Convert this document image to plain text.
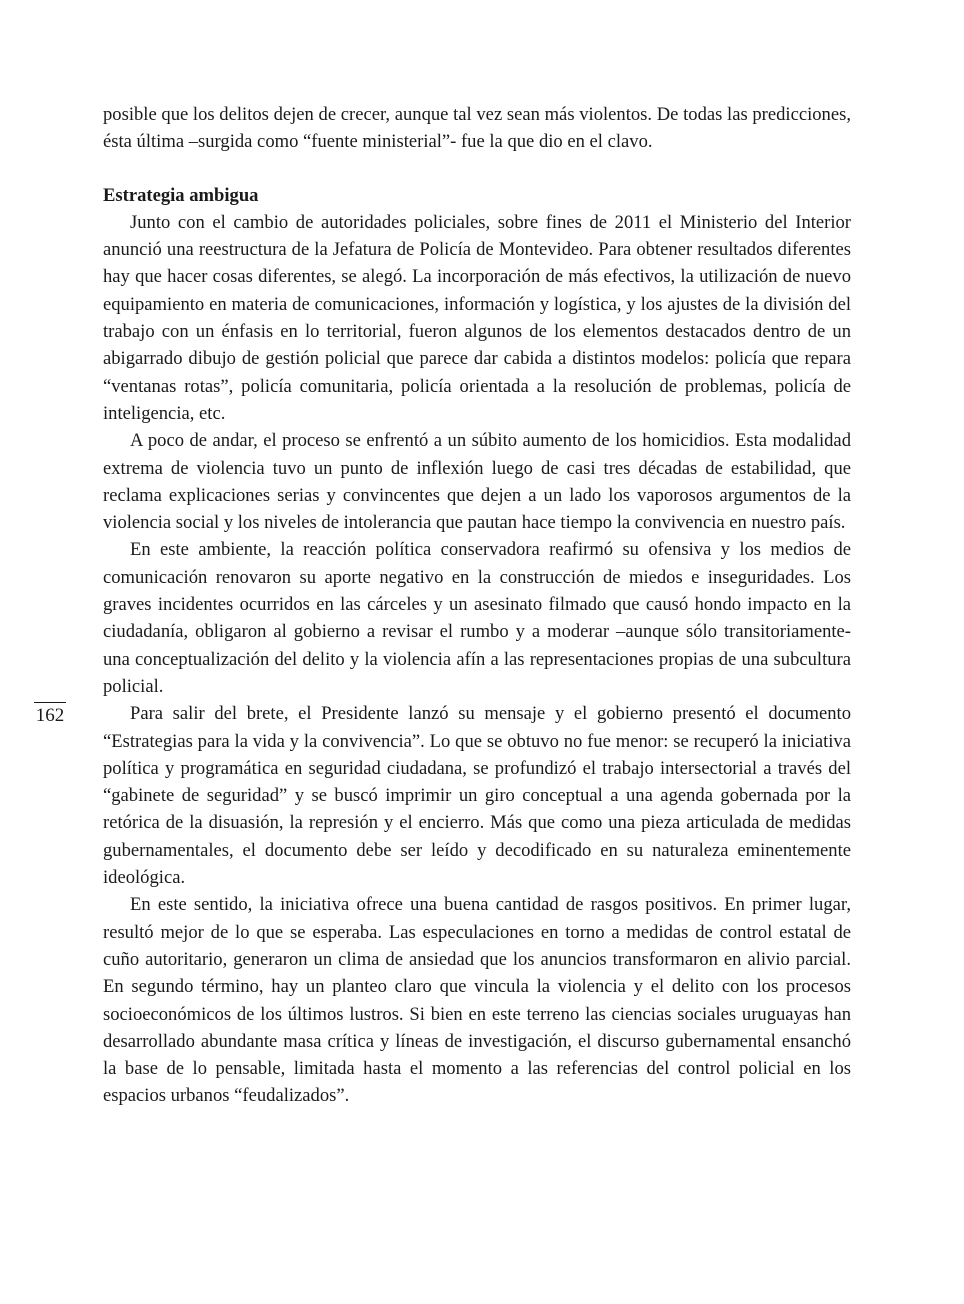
posible que los delitos dejen de crecer, aunque tal vez sean más violentos. De todas las predicciones, ésta última –surgida como “fuente ministerial”- fue la que dio en el clavo.

Estrategia ambigua

Junto con el cambio de autoridades policiales, sobre fines de 2011 el Ministerio del Interior anunció una reestructura de la Jefatura de Policía de Montevideo. Para obtener resultados diferentes hay que hacer cosas diferentes, se alegó. La incorporación de más efectivos, la utilización de nuevo equipamiento en materia de comunicaciones, información y logística, y los ajustes de la división del trabajo con un énfasis en lo territorial, fueron algunos de los elementos destacados dentro de un abigarrado dibujo de gestión policial que parece dar cabida a distintos modelos: policía que repara “ventanas rotas”, policía comunitaria, policía orientada a la resolución de problemas, policía de inteligencia, etc.

A poco de andar, el proceso se enfrentó a un súbito aumento de los homicidios. Esta modalidad extrema de violencia tuvo un punto de inflexión luego de casi tres décadas de estabilidad, que reclama explicaciones serias y convincentes que dejen a un lado los vaporosos argumentos de la violencia social y los niveles de intolerancia que pautan hace tiempo la convivencia en nuestro país.

En este ambiente, la reacción política conservadora reafirmó su ofensiva y los medios de comunicación renovaron su aporte negativo en la construcción de miedos e inseguridades. Los graves incidentes ocurridos en las cárceles y un asesinato filmado que causó hondo impacto en la ciudadanía, obligaron al gobierno a revisar el rumbo y a moderar –aunque sólo transitoriamente- una conceptualización del delito y la violencia afín a las representaciones propias de una subcultura policial.

Para salir del brete, el Presidente lanzó su mensaje y el gobierno presentó el documento “Estrategias para la vida y la convivencia”. Lo que se obtuvo no fue menor: se recuperó la iniciativa política y programática en seguridad ciudadana, se profundizó el trabajo intersectorial a través del “gabinete de seguridad” y se buscó imprimir un giro conceptual a una agenda gobernada por la retórica de la disuasión, la represión y el encierro. Más que como una pieza articulada de medidas gubernamentales, el documento debe ser leído y decodificado en su naturaleza eminentemente ideológica.

En este sentido, la iniciativa ofrece una buena cantidad de rasgos positivos. En primer lugar, resultó mejor de lo que se esperaba. Las especulaciones en torno a medidas de control estatal de cuño autoritario, generaron un clima de ansiedad que los anuncios transformaron en alivio parcial. En segundo término, hay un planteo claro que vincula la violencia y el delito con los procesos socioeconómicos de los últimos lustros. Si bien en este terreno las ciencias sociales uruguayas han desarrollado abundante masa crítica y líneas de investigación, el discurso gubernamental ensanchó la base de lo pensable, limitada hasta el momento a las referencias del control policial en los espacios urbanos “feudalizados”.

162
